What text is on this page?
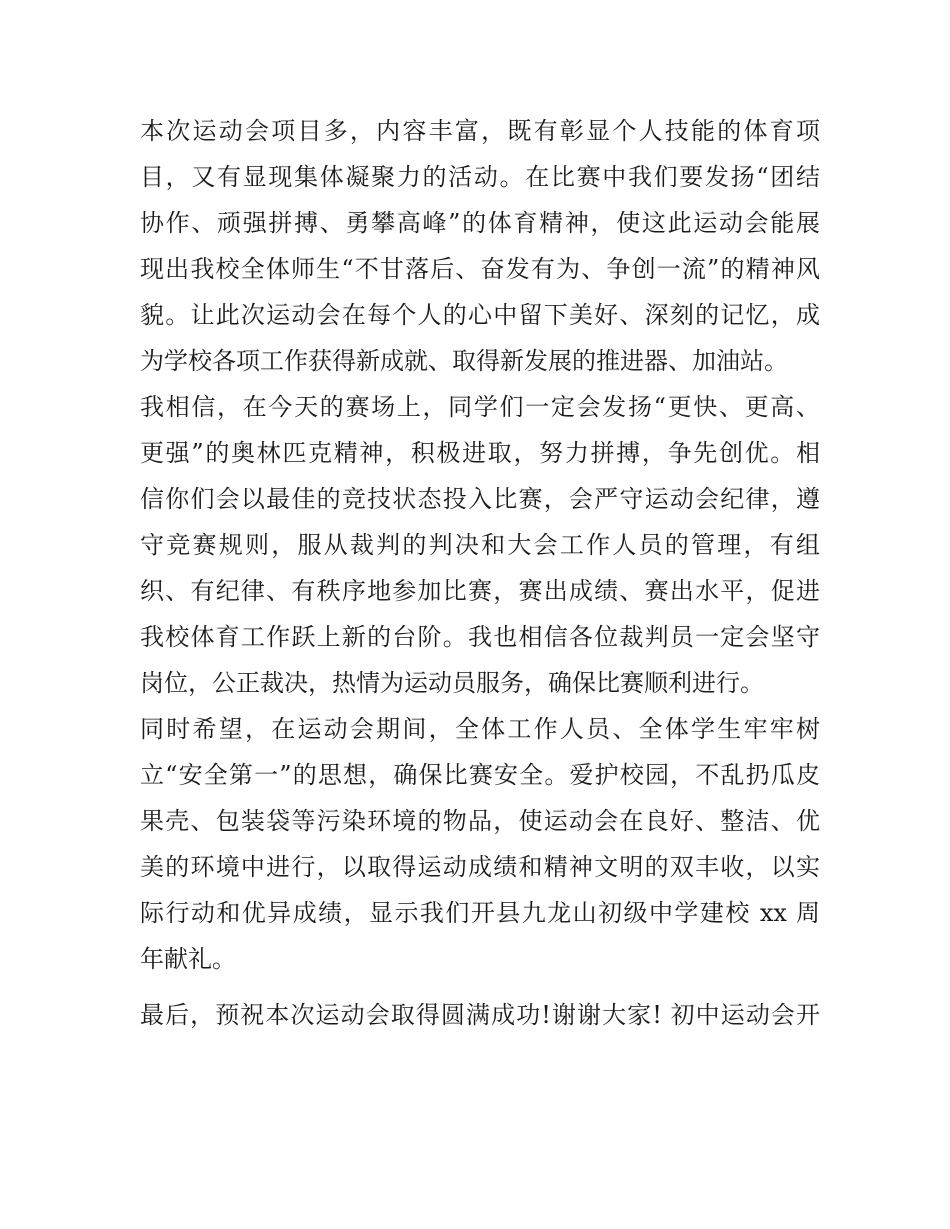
本次运动会项目多，内容丰富，既有彰显个人技能的体育项
目，又有显现集体凝聚力的活动。在比赛中我们要发扬“团结
协作、顽强拼搏、勇攀高峰”的体育精神，使这此运动会能展
现出我校全体师生“不甘落后、奋发有为、争创一流”的精神风
貌。让此次运动会在每个人的心中留下美好、深刻的记忆，成
为学校各项工作获得新成就、取得新发展的推进器、加油站。
我相信，在今天的赛场上，同学们一定会发扬“更快、更高、
更强”的奥林匹克精神，积极进取，努力拼搏，争先创优。相
信你们会以最佳的竞技状态投入比赛，会严守运动会纪律，遵
守竞赛规则，服从裁判的判决和大会工作人员的管理，有组
织、有纪律、有秩序地参加比赛，赛出成绩、赛出水平，促进
我校体育工作跃上新的台阶。我也相信各位裁判员一定会坚守
岗位，公正裁决，热情为运动员服务，确保比赛顺利进行。
同时希望，在运动会期间，全体工作人员、全体学生牢牢树
立“安全第一”的思想，确保比赛安全。爱护校园，不乱扔瓜皮
果壳、包装袋等污染环境的物品，使运动会在良好、整洁、优
美的环境中进行，以取得运动成绩和精神文明的双丰收，以实
际行动和优异成绩，显示我们开县九龙山初级中学建校 xx 周
年献礼。
最后，预祝本次运动会取得圆满成功!谢谢大家! 初中运动会开
